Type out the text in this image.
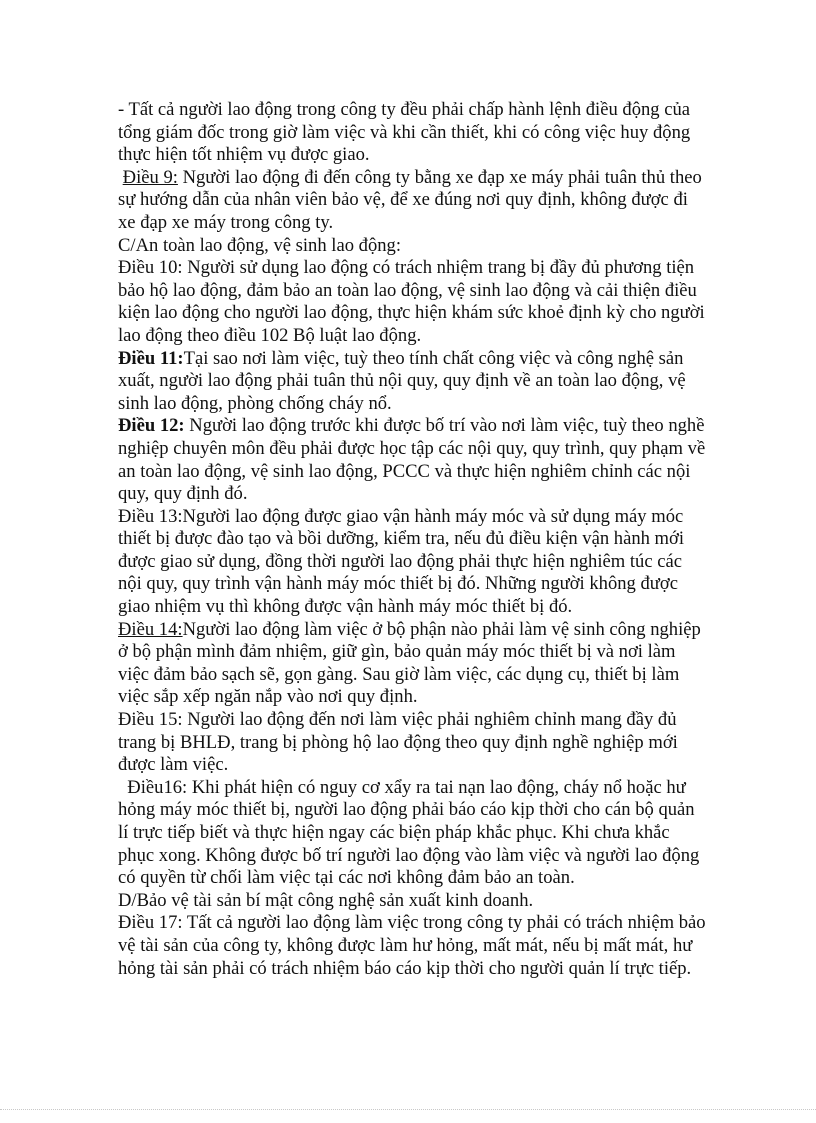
- Tất cả người lao động trong công ty đều phải chấp hành lệnh điều động của tổng giám đốc trong giờ làm việc và khi cần thiết, khi có công việc huy động thực hiện tốt nhiệm vụ được giao.

Điều 9: Người lao động đi đến công ty bằng xe đạp xe máy phải tuân thủ theo sự hướng dẫn của nhân viên bảo vệ, để xe đúng nơi quy định, không được đi xe đạp xe máy trong công ty.

C/An toàn lao động, vệ sinh lao động:

Điều 10: Người sử dụng lao động có trách nhiệm trang bị đầy đủ phương tiện bảo hộ lao động, đảm bảo an toàn lao động, vệ sinh lao động và cải thiện điều kiện lao động cho người lao động, thực hiện khám sức khoẻ định kỳ cho người lao động theo điều 102 Bộ luật lao động.

Điều 11:Tại sao nơi làm việc, tuỳ theo tính chất công việc và công nghệ sản xuất, người lao động phải tuân thủ nội quy, quy định về an toàn lao động, vệ sinh lao động, phòng chống cháy nổ.

Điều 12: Người lao động trước khi được bố trí vào nơi làm việc, tuỳ theo nghề nghiệp chuyên môn đều phải được học tập các nội quy, quy trình, quy phạm về an toàn lao động, vệ sinh lao động, PCCC và thực hiện nghiêm chỉnh các nội quy, quy định đó.

Điều 13:Người lao động được giao vận hành máy móc và sử dụng máy móc thiết bị được đào tạo và bồi dưỡng, kiểm tra, nếu đủ điều kiện vận hành mới được giao sử dụng, đồng thời người lao động phải thực hiện nghiêm túc các nội quy, quy trình vận hành máy móc thiết bị đó. Những người không được giao nhiệm vụ thì không được vận hành máy móc thiết bị đó.

Điều 14:Người lao động làm việc ở bộ phận nào phải làm vệ sinh công nghiệp ở bộ phận mình đảm nhiệm, giữ gìn, bảo quản máy móc thiết bị và nơi làm việc đảm bảo sạch sẽ, gọn gàng. Sau giờ làm việc, các dụng cụ, thiết bị làm việc sắp xếp ngăn nắp vào nơi quy định.

Điều 15: Người lao động đến nơi làm việc phải nghiêm chỉnh mang đầy đủ trang bị BHLĐ, trang bị phòng hộ lao động theo quy định nghề nghiệp mới được làm việc.

Điều16: Khi phát hiện có nguy cơ xẩy ra tai nạn lao động, cháy nổ hoặc hư hỏng máy móc thiết bị, người lao động phải báo cáo kịp thời cho cán bộ quản lí trực tiếp biết và thực hiện ngay các biện pháp khắc phục. Khi chưa khắc phục xong. Không được bố trí người lao động vào làm việc và người lao động có quyền từ chối làm việc tại các nơi không đảm bảo an toàn.

D/Bảo vệ tài sản bí mật công nghệ sản xuất kinh doanh.

Điều 17: Tất cả người lao động làm việc trong công ty phải có trách nhiệm bảo vệ tài sản của công ty, không được làm hư hỏng, mất mát, nếu bị mất mát, hư hỏng tài sản phải có trách nhiệm báo cáo kịp thời cho người quản lí trực tiếp.
